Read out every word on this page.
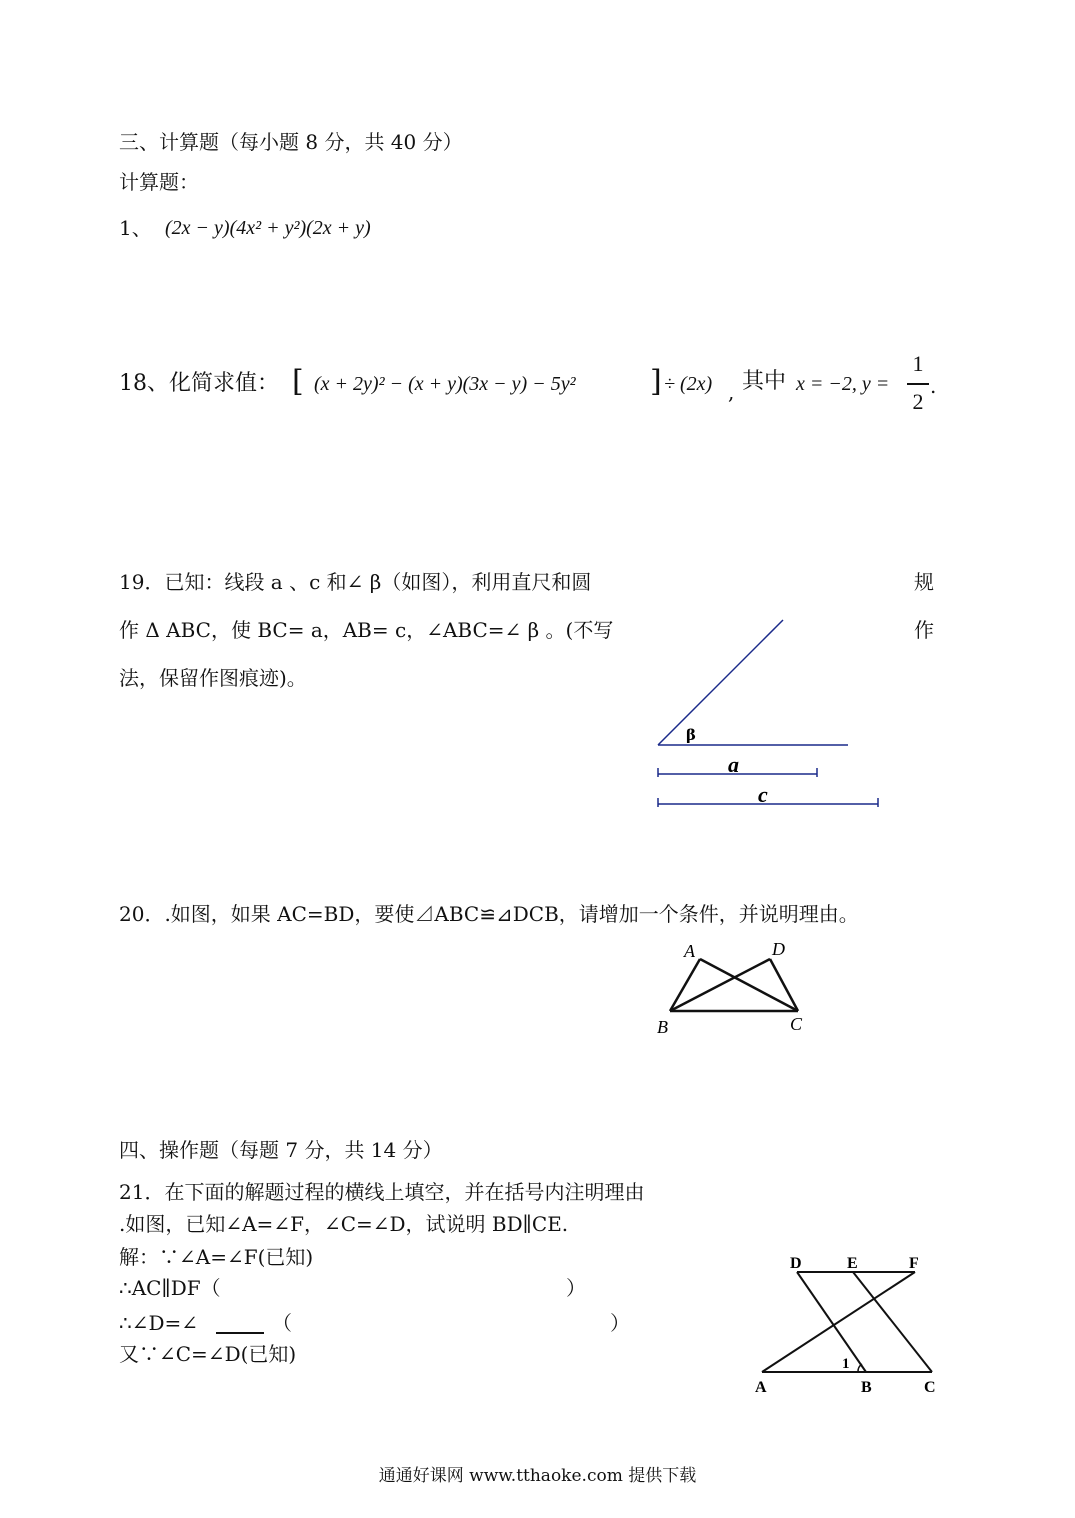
三、计算题（每小题 8 分，共 40 分）
计算题：
1、 (2x − y)(4x² + y²)(2x + y)
18、化简求值： [ (x + 2y)² − (x + y)(3x − y) − 5y² ] ÷ (2x) , 其中 x = −2, y =
1
2
.
19．已知：线段 a 、c 和∠ β（如图），利用直尺和圆	规
作 Δ ABC，使 BC= a，AB= c，∠ABC=∠ β 。(不写	作
法，保留作图痕迹)。
β
a
c
20．.如图，如果 AC=BD，要使⊿ABC≌⊿DCB，请增加一个条件，并说明理由。
A	D
B	C
四、操作题（每题 7 分，共 14 分）
21．在下面的解题过程的横线上填空，并在括号内注明理由
.如图，已知∠A=∠F，∠C=∠D，试说明 BD∥CE.
解：∵∠A=∠F(已知)
∴AC∥DF（	）
∴∠D=∠	（	）
又∵∠C=∠D(已知)
D	E	F
A	B	C
1
通通好课网 www.tthaoke.com 提供下载
